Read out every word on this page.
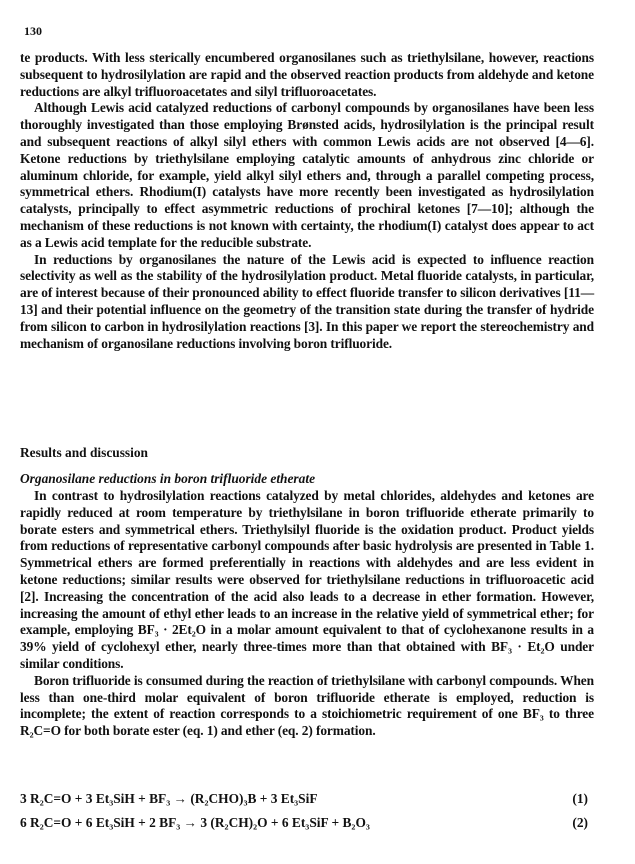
130

te products. With less sterically encumbered organosilanes such as triethylsilane, however, reactions subsequent to hydrosilylation are rapid and the observed reaction products from aldehyde and ketone reductions are alkyl trifluoroacetates and silyl trifluoroacetates.

Although Lewis acid catalyzed reductions of carbonyl compounds by organosilanes have been less thoroughly investigated than those employing Brønsted acids, hydrosilylation is the principal result and subsequent reactions of alkyl silyl ethers with common Lewis acids are not observed [4—6]. Ketone reductions by triethylsilane employing catalytic amounts of anhydrous zinc chloride or aluminum chloride, for example, yield alkyl silyl ethers and, through a parallel competing process, symmetrical ethers. Rhodium(I) catalysts have more recently been investigated as hydrosilylation catalysts, principally to effect asymmetric reductions of prochiral ketones [7—10]; although the mechanism of these reductions is not known with certainty, the rhodium(I) catalyst does appear to act as a Lewis acid template for the reducible substrate.

In reductions by organosilanes the nature of the Lewis acid is expected to influence reaction selectivity as well as the stability of the hydrosilylation product. Metal fluoride catalysts, in particular, are of interest because of their pronounced ability to effect fluoride transfer to silicon derivatives [11—13] and their potential influence on the geometry of the transition state during the transfer of hydride from silicon to carbon in hydrosilylation reactions [3]. In this paper we report the stereochemistry and mechanism of organosilane reductions involving boron trifluoride.

Results and discussion
Organosilane reductions in boron trifluoride etherate

In contrast to hydrosilylation reactions catalyzed by metal chlorides, aldehydes and ketones are rapidly reduced at room temperature by triethylsilane in boron trifluoride etherate primarily to borate esters and symmetrical ethers. Triethylsilyl fluoride is the oxidation product. Product yields from reductions of representative carbonyl compounds after basic hydrolysis are presented in Table 1. Symmetrical ethers are formed preferentially in reactions with aldehydes and are less evident in ketone reductions; similar results were observed for triethylsilane reductions in trifluoroacetic acid [2]. Increasing the concentration of the acid also leads to a decrease in ether formation. However, increasing the amount of ethyl ether leads to an increase in the relative yield of symmetrical ether; for example, employing BF₃ · 2Et₂O in a molar amount equivalent to that of cyclohexanone results in a 39% yield of cyclohexyl ether, nearly three-times more than that obtained with BF₃ · Et₂O under similar conditions.

Boron trifluoride is consumed during the reaction of triethylsilane with carbonyl compounds. When less than one-third molar equivalent of boron trifluoride etherate is employed, reduction is incomplete; the extent of reaction corresponds to a stoichiometric requirement of one BF₃ to three R₂C=O for both borate ester (eq. 1) and ether (eq. 2) formation.

3 R₂C=O + 3 Et₃SiH + BF₃ → (R₂CHO)₃B + 3 Et₃SiF	(1)
6 R₂C=O + 6 Et₃SiH + 2 BF₃ → 3 (R₂CH)₂O + 6 Et₃SiF + B₂O₃	(2)
